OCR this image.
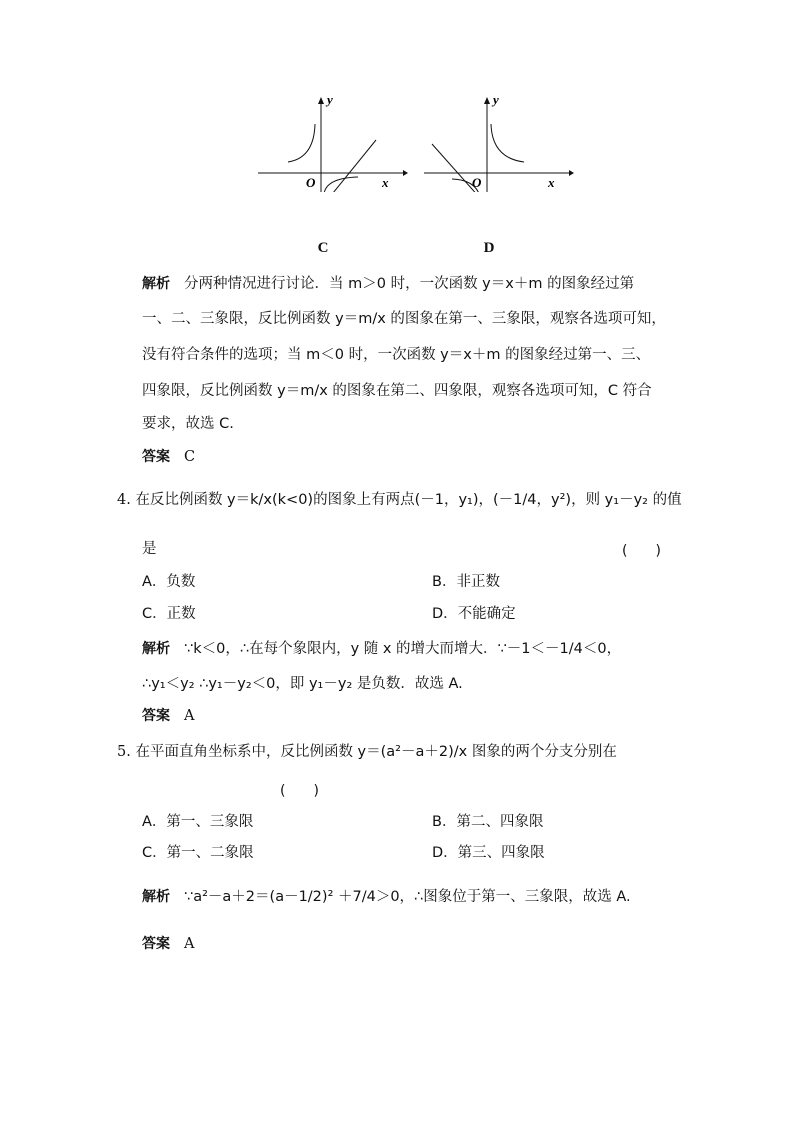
y
x
O
y
x
O
C	D
解析 分两种情况进行讨论．当 m＞0 时，一次函数 y＝x＋m 的图象经过第
一、二、三象限，反比例函数 y＝m/x 的图象在第一、三象限，观察各选项可知，
没有符合条件的选项；当 m＜0 时，一次函数 y＝x＋m 的图象经过第一、三、
四象限，反比例函数 y＝m/x 的图象在第二、四象限，观察各选项可知，C 符合
要求，故选 C.
答案 C
4. 在反比例函数 y＝k/x(k<0)的图象上有两点(－1，y₁)，(－1/4，y²)，则 y₁－y₂ 的值
是	(　　)
A．负数	B．非正数
C．正数	D．不能确定
解析 ∵k＜0，∴在每个象限内，y 随 x 的增大而增大．∵－1＜－1/4＜0，
∴y₁＜y₂ ∴y₁－y₂＜0，即 y₁－y₂ 是负数．故选 A.
答案 A
5. 在平面直角坐标系中，反比例函数 y＝(a²－a＋2)/x 图象的两个分支分别在
(　　)
A．第一、三象限	B．第二、四象限
C．第一、二象限	D．第三、四象限
解析 ∵a²－a＋2＝(a－1/2)² ＋7/4＞0，∴图象位于第一、三象限，故选 A.
答案 A
